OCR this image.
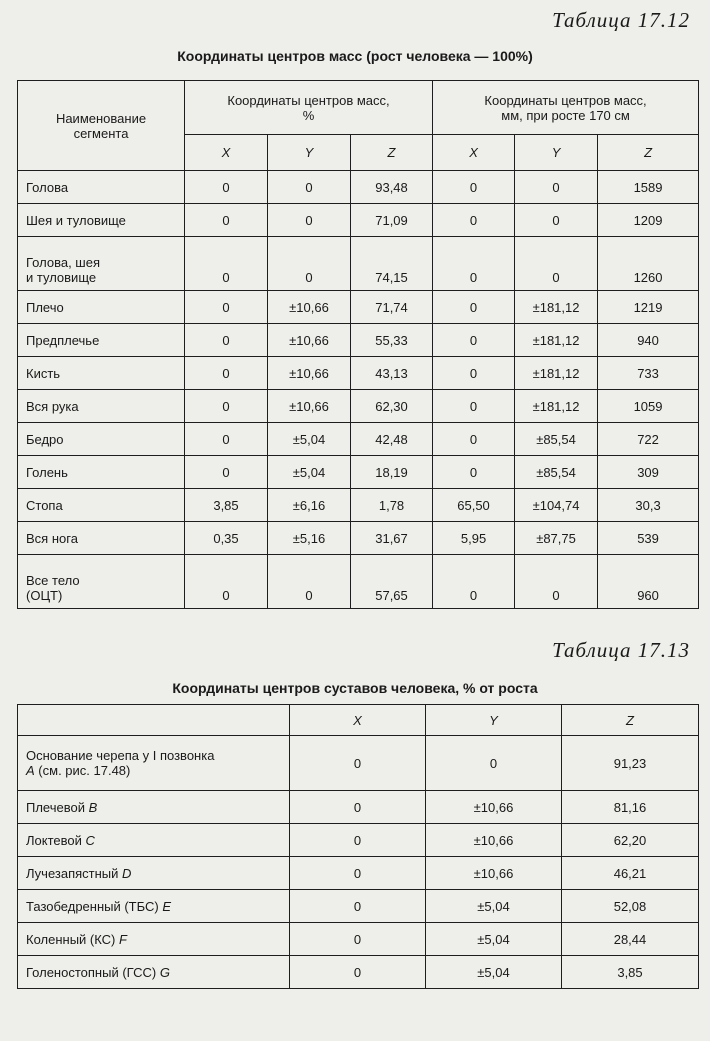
Таблица 17.12
Координаты центров масс (рост человека — 100%)
Наименование
сегмента	Координаты центров масс,
%			Координаты центров масс,
мм, при росте 170 см		
	X	Y	Z	X	Y	Z
Голова	0	0	93,48	0	0	1589
Шея и туловище	0	0	71,09	0	0	1209
Голова, шея
и туловище	0	0	74,15	0	0	1260
Плечо	0	±10,66	71,74	0	±181,12	1219
Предплечье	0	±10,66	55,33	0	±181,12	940
Кисть	0	±10,66	43,13	0	±181,12	733
Вся рука	0	±10,66	62,30	0	±181,12	1059
Бедро	0	±5,04	42,48	0	±85,54	722
Голень	0	±5,04	18,19	0	±85,54	309
Стопа	3,85	±6,16	1,78	65,50	±104,74	30,3
Вся нога	0,35	±5,16	31,67	5,95	±87,75	539
Все тело
(ОЦТ)	0	0	57,65	0	0	960
Таблица 17.13
Координаты центров суставов человека, % от роста
	X	Y	Z
Основание черепа у I позвонка
A (см. рис. 17.48)	0	0	91,23
Плечевой B	0	±10,66	81,16
Локтевой C	0	±10,66	62,20
Лучезапястный D	0	±10,66	46,21
Тазобедренный (ТБС) E	0	±5,04	52,08
Коленный (КС) F	0	±5,04	28,44
Голеностопный (ГСС) G	0	±5,04	3,85
